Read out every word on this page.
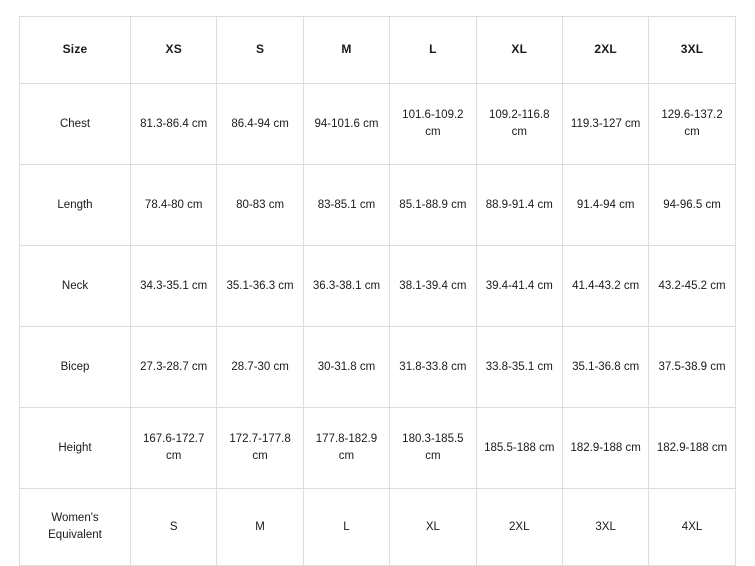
Size	XS	S	M	L	XL	2XL	3XL
Chest	81.3-86.4 cm	86.4-94 cm	94-101.6 cm	101.6-109.2 cm	109.2-116.8 cm	119.3-127 cm	129.6-137.2 cm
Length	78.4-80 cm	80-83 cm	83-85.1 cm	85.1-88.9 cm	88.9-91.4 cm	91.4-94 cm	94-96.5 cm
Neck	34.3-35.1 cm	35.1-36.3 cm	36.3-38.1 cm	38.1-39.4 cm	39.4-41.4 cm	41.4-43.2 cm	43.2-45.2 cm
Bicep	27.3-28.7 cm	28.7-30 cm	30-31.8 cm	31.8-33.8 cm	33.8-35.1 cm	35.1-36.8 cm	37.5-38.9 cm
Height	167.6-172.7 cm	172.7-177.8 cm	177.8-182.9 cm	180.3-185.5 cm	185.5-188 cm	182.9-188 cm	182.9-188 cm
Women's Equivalent	S	M	L	XL	2XL	3XL	4XL
